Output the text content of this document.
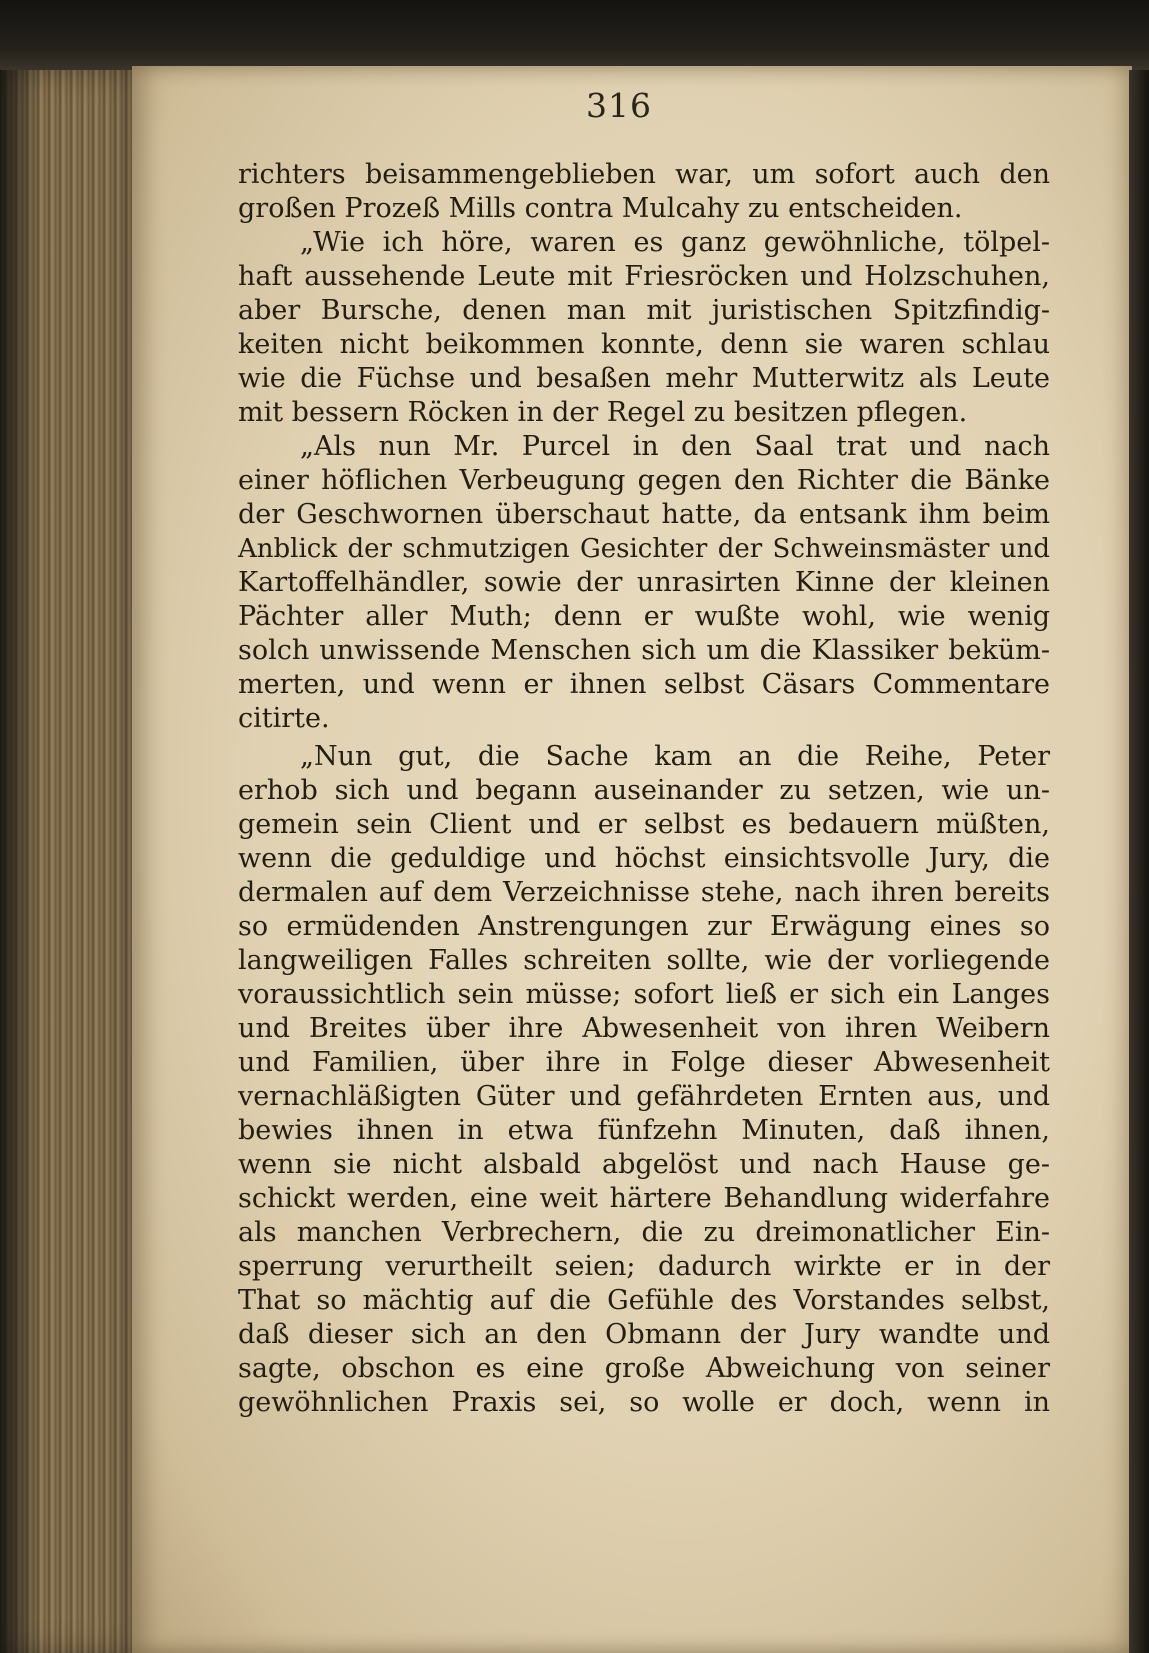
316
richters beisammengeblieben war, um sofort auch den
großen Prozeß Mills contra Mulcahy zu entscheiden.
„Wie ich höre, waren es ganz gewöhnliche, tölpel-
haft aussehende Leute mit Friesröcken und Holzschuhen,
aber Bursche, denen man mit juristischen Spitzfindig-
keiten nicht beikommen konnte, denn sie waren schlau
wie die Füchse und besaßen mehr Mutterwitz als Leute
mit bessern Röcken in der Regel zu besitzen pflegen.
„Als nun Mr. Purcel in den Saal trat und nach
einer höflichen Verbeugung gegen den Richter die Bänke
der Geschwornen überschaut hatte, da entsank ihm beim
Anblick der schmutzigen Gesichter der Schweinsmäster und
Kartoffelhändler, sowie der unrasirten Kinne der kleinen
Pächter aller Muth; denn er wußte wohl, wie wenig
solch unwissende Menschen sich um die Klassiker beküm-
merten, und wenn er ihnen selbst Cäsars Commentare
citirte.
„Nun gut, die Sache kam an die Reihe, Peter
erhob sich und begann auseinander zu setzen, wie un-
gemein sein Client und er selbst es bedauern müßten,
wenn die geduldige und höchst einsichtsvolle Jury, die
dermalen auf dem Verzeichnisse stehe, nach ihren bereits
so ermüdenden Anstrengungen zur Erwägung eines so
langweiligen Falles schreiten sollte, wie der vorliegende
voraussichtlich sein müsse; sofort ließ er sich ein Langes
und Breites über ihre Abwesenheit von ihren Weibern
und Familien, über ihre in Folge dieser Abwesenheit
vernachläßigten Güter und gefährdeten Ernten aus, und
bewies ihnen in etwa fünfzehn Minuten, daß ihnen,
wenn sie nicht alsbald abgelöst und nach Hause ge-
schickt werden, eine weit härtere Behandlung widerfahre
als manchen Verbrechern, die zu dreimonatlicher Ein-
sperrung verurtheilt seien; dadurch wirkte er in der
That so mächtig auf die Gefühle des Vorstandes selbst,
daß dieser sich an den Obmann der Jury wandte und
sagte, obschon es eine große Abweichung von seiner
gewöhnlichen Praxis sei, so wolle er doch, wenn in
